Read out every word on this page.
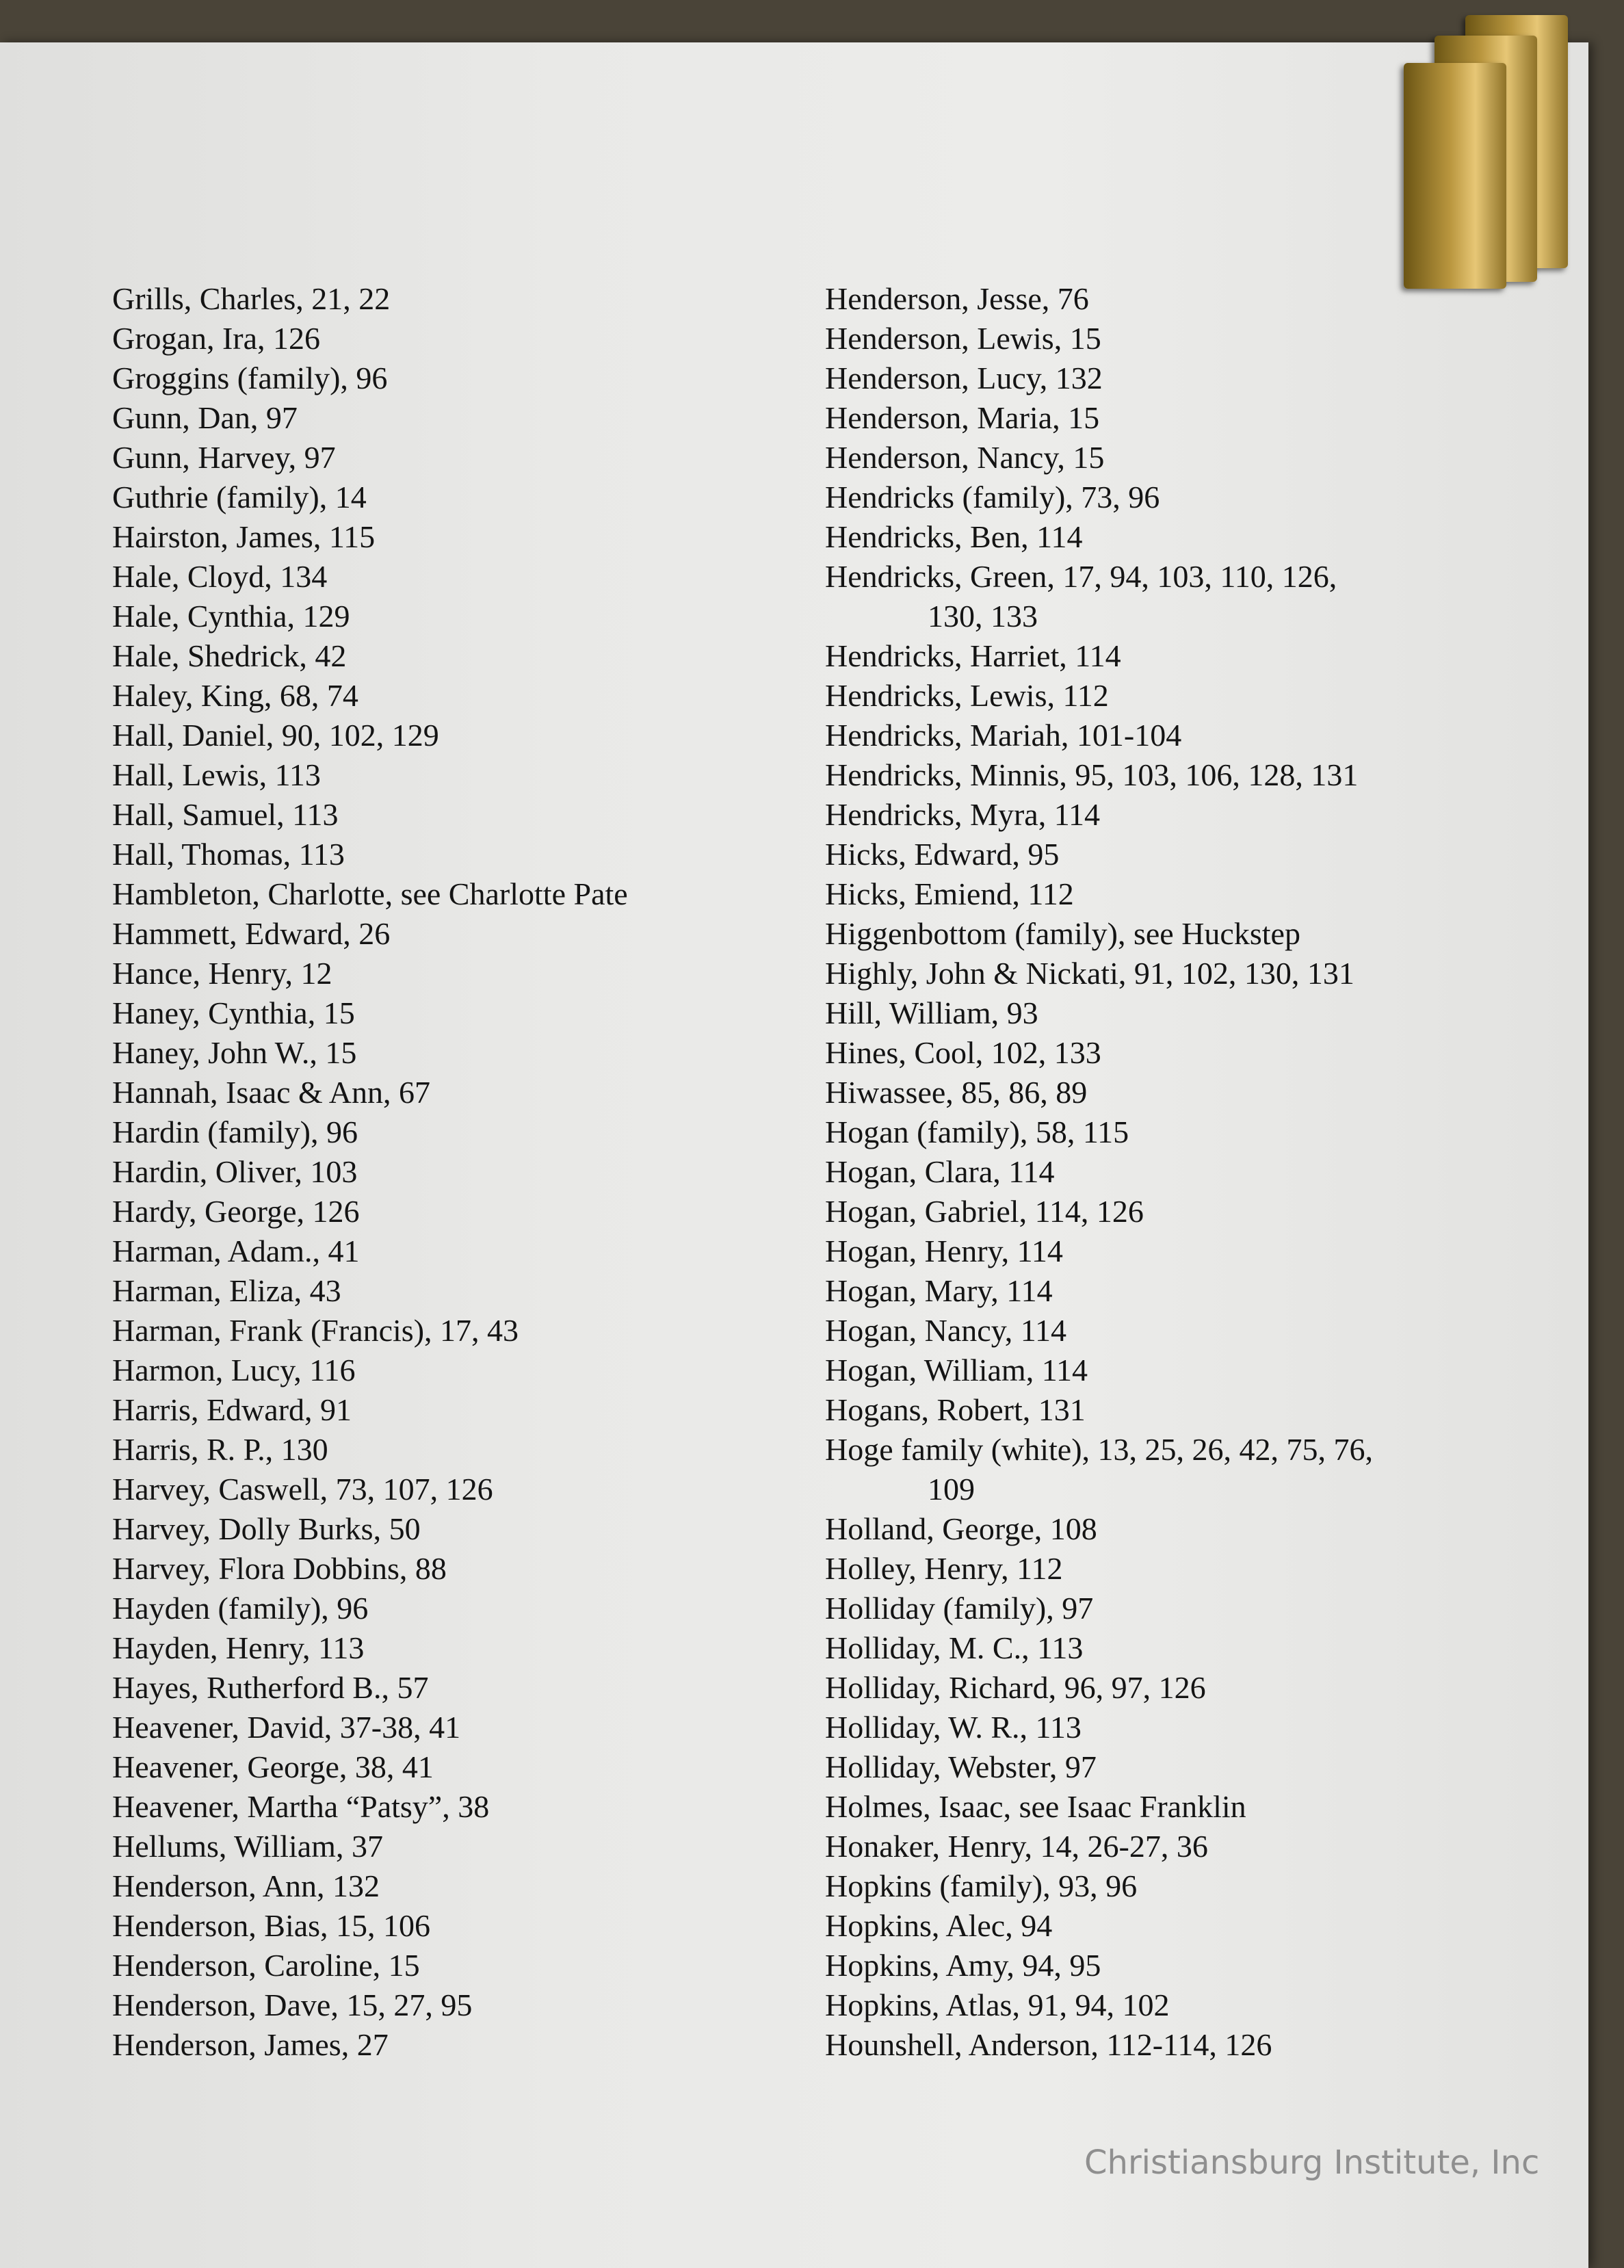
Grills, Charles, 21, 22
Grogan, Ira, 126
Groggins (family), 96
Gunn, Dan, 97
Gunn, Harvey, 97
Guthrie (family), 14
Hairston, James, 115
Hale, Cloyd, 134
Hale, Cynthia, 129
Hale, Shedrick, 42
Haley, King, 68, 74
Hall, Daniel, 90, 102, 129
Hall, Lewis, 113
Hall, Samuel, 113
Hall, Thomas, 113
Hambleton, Charlotte, see Charlotte Pate
Hammett, Edward, 26
Hance, Henry, 12
Haney, Cynthia, 15
Haney, John W., 15
Hannah, Isaac & Ann, 67
Hardin (family), 96
Hardin, Oliver, 103
Hardy, George, 126
Harman, Adam., 41
Harman, Eliza, 43
Harman, Frank (Francis), 17, 43
Harmon, Lucy, 116
Harris, Edward, 91
Harris, R. P., 130
Harvey, Caswell, 73, 107, 126
Harvey, Dolly Burks, 50
Harvey, Flora Dobbins, 88
Hayden (family), 96
Hayden, Henry, 113
Hayes, Rutherford B., 57
Heavener, David, 37-38, 41
Heavener, George, 38, 41
Heavener, Martha “Patsy”, 38
Hellums, William, 37
Henderson, Ann, 132
Henderson, Bias, 15, 106
Henderson, Caroline, 15
Henderson, Dave, 15, 27, 95
Henderson, James, 27
Henderson, Jesse, 76
Henderson, Lewis, 15
Henderson, Lucy, 132
Henderson, Maria, 15
Henderson, Nancy, 15
Hendricks (family), 73, 96
Hendricks, Ben, 114
Hendricks, Green, 17, 94, 103, 110, 126,
130, 133
Hendricks, Harriet, 114
Hendricks, Lewis, 112
Hendricks, Mariah, 101-104
Hendricks, Minnis, 95, 103, 106, 128, 131
Hendricks, Myra, 114
Hicks, Edward, 95
Hicks, Emiend, 112
Higgenbottom (family), see Huckstep
Highly, John & Nickati, 91, 102, 130, 131
Hill, William, 93
Hines, Cool, 102, 133
Hiwassee, 85, 86, 89
Hogan (family), 58, 115
Hogan, Clara, 114
Hogan, Gabriel, 114, 126
Hogan, Henry, 114
Hogan, Mary, 114
Hogan, Nancy, 114
Hogan, William, 114
Hogans, Robert, 131
Hoge family (white), 13, 25, 26, 42, 75, 76,
109
Holland, George, 108
Holley, Henry, 112
Holliday (family), 97
Holliday, M. C., 113
Holliday, Richard, 96, 97, 126
Holliday, W. R., 113
Holliday, Webster, 97
Holmes, Isaac, see Isaac Franklin
Honaker, Henry, 14, 26-27, 36
Hopkins (family), 93, 96
Hopkins, Alec, 94
Hopkins, Amy, 94, 95
Hopkins, Atlas, 91, 94, 102
Hounshell, Anderson, 112-114, 126
Christiansburg Institute, Inc
